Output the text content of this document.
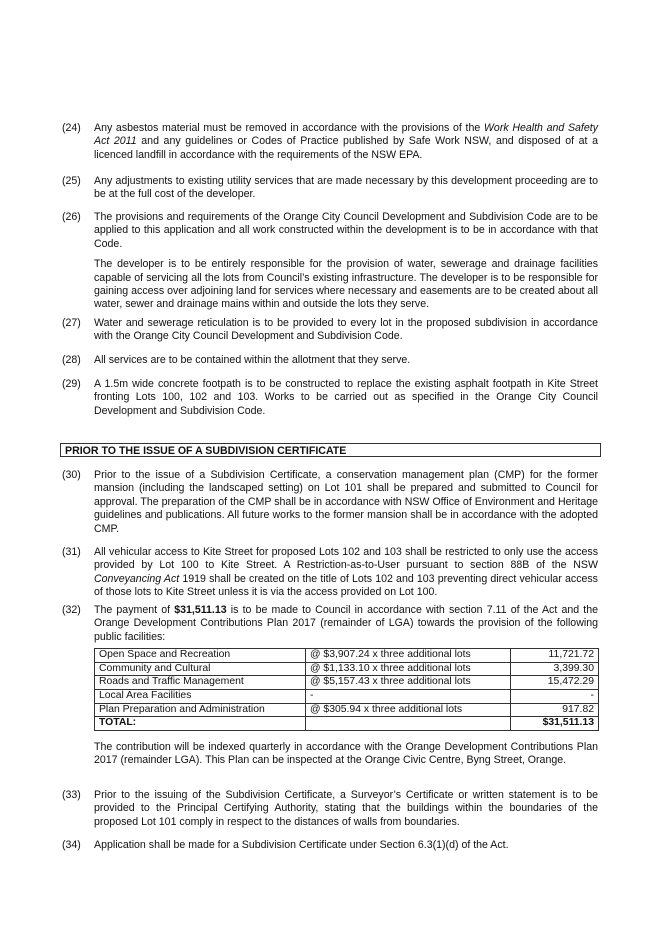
(24)	Any asbestos material must be removed in accordance with the provisions of the Work Health and Safety Act 2011 and any guidelines or Codes of Practice published by Safe Work NSW, and disposed of at a licenced landfill in accordance with the requirements of the NSW EPA.

(25)	Any adjustments to existing utility services that are made necessary by this development proceeding are to be at the full cost of the developer.

(26)	The provisions and requirements of the Orange City Council Development and Subdivision Code are to be applied to this application and all work constructed within the development is to be in accordance with that Code.

The developer is to be entirely responsible for the provision of water, sewerage and drainage facilities capable of servicing all the lots from Council’s existing infrastructure. The developer is to be responsible for gaining access over adjoining land for services where necessary and easements are to be created about all water, sewer and drainage mains within and outside the lots they serve.

(27)	Water and sewerage reticulation is to be provided to every lot in the proposed subdivision in accordance with the Orange City Council Development and Subdivision Code.

(28)	All services are to be contained within the allotment that they serve.

(29)	A 1.5m wide concrete footpath is to be constructed to replace the existing asphalt footpath in Kite Street fronting Lots 100, 102 and 103. Works to be carried out as specified in the Orange City Council Development and Subdivision Code.

PRIOR TO THE ISSUE OF A SUBDIVISION CERTIFICATE
(30)	Prior to the issue of a Subdivision Certificate, a conservation management plan (CMP) for the former mansion (including the landscaped setting) on Lot 101 shall be prepared and submitted to Council for approval. The preparation of the CMP shall be in accordance with NSW Office of Environment and Heritage guidelines and publications. All future works to the former mansion shall be in accordance with the adopted CMP.

(31)	All vehicular access to Kite Street for proposed Lots 102 and 103 shall be restricted to only use the access provided by Lot 100 to Kite Street. A Restriction-as-to-User pursuant to section 88B of the NSW Conveyancing Act 1919 shall be created on the title of Lots 102 and 103 preventing direct vehicular access of those lots to Kite Street unless it is via the access provided on Lot 100.

(32)	The payment of $31,511.13 is to be made to Council in accordance with section 7.11 of the Act and the Orange Development Contributions Plan 2017 (remainder of LGA) towards the provision of the following public facilities:

Open Space and Recreation	@ $3,907.24 x three additional lots	11,721.72
Community and Cultural	@ $1,133.10 x three additional lots	3,399.30
Roads and Traffic Management	@ $5,157.43 x three additional lots	15,472.29
Local Area Facilities	-	-
Plan Preparation and Administration	@ $305.94 x three additional lots	917.82
TOTAL:		$31,511.13

The contribution will be indexed quarterly in accordance with the Orange Development Contributions Plan 2017 (remainder LGA). This Plan can be inspected at the Orange Civic Centre, Byng Street, Orange.

(33)	Prior to the issuing of the Subdivision Certificate, a Surveyor’s Certificate or written statement is to be provided to the Principal Certifying Authority, stating that the buildings within the boundaries of the proposed Lot 101 comply in respect to the distances of walls from boundaries.

(34)	Application shall be made for a Subdivision Certificate under Section 6.3(1)(d) of the Act.
